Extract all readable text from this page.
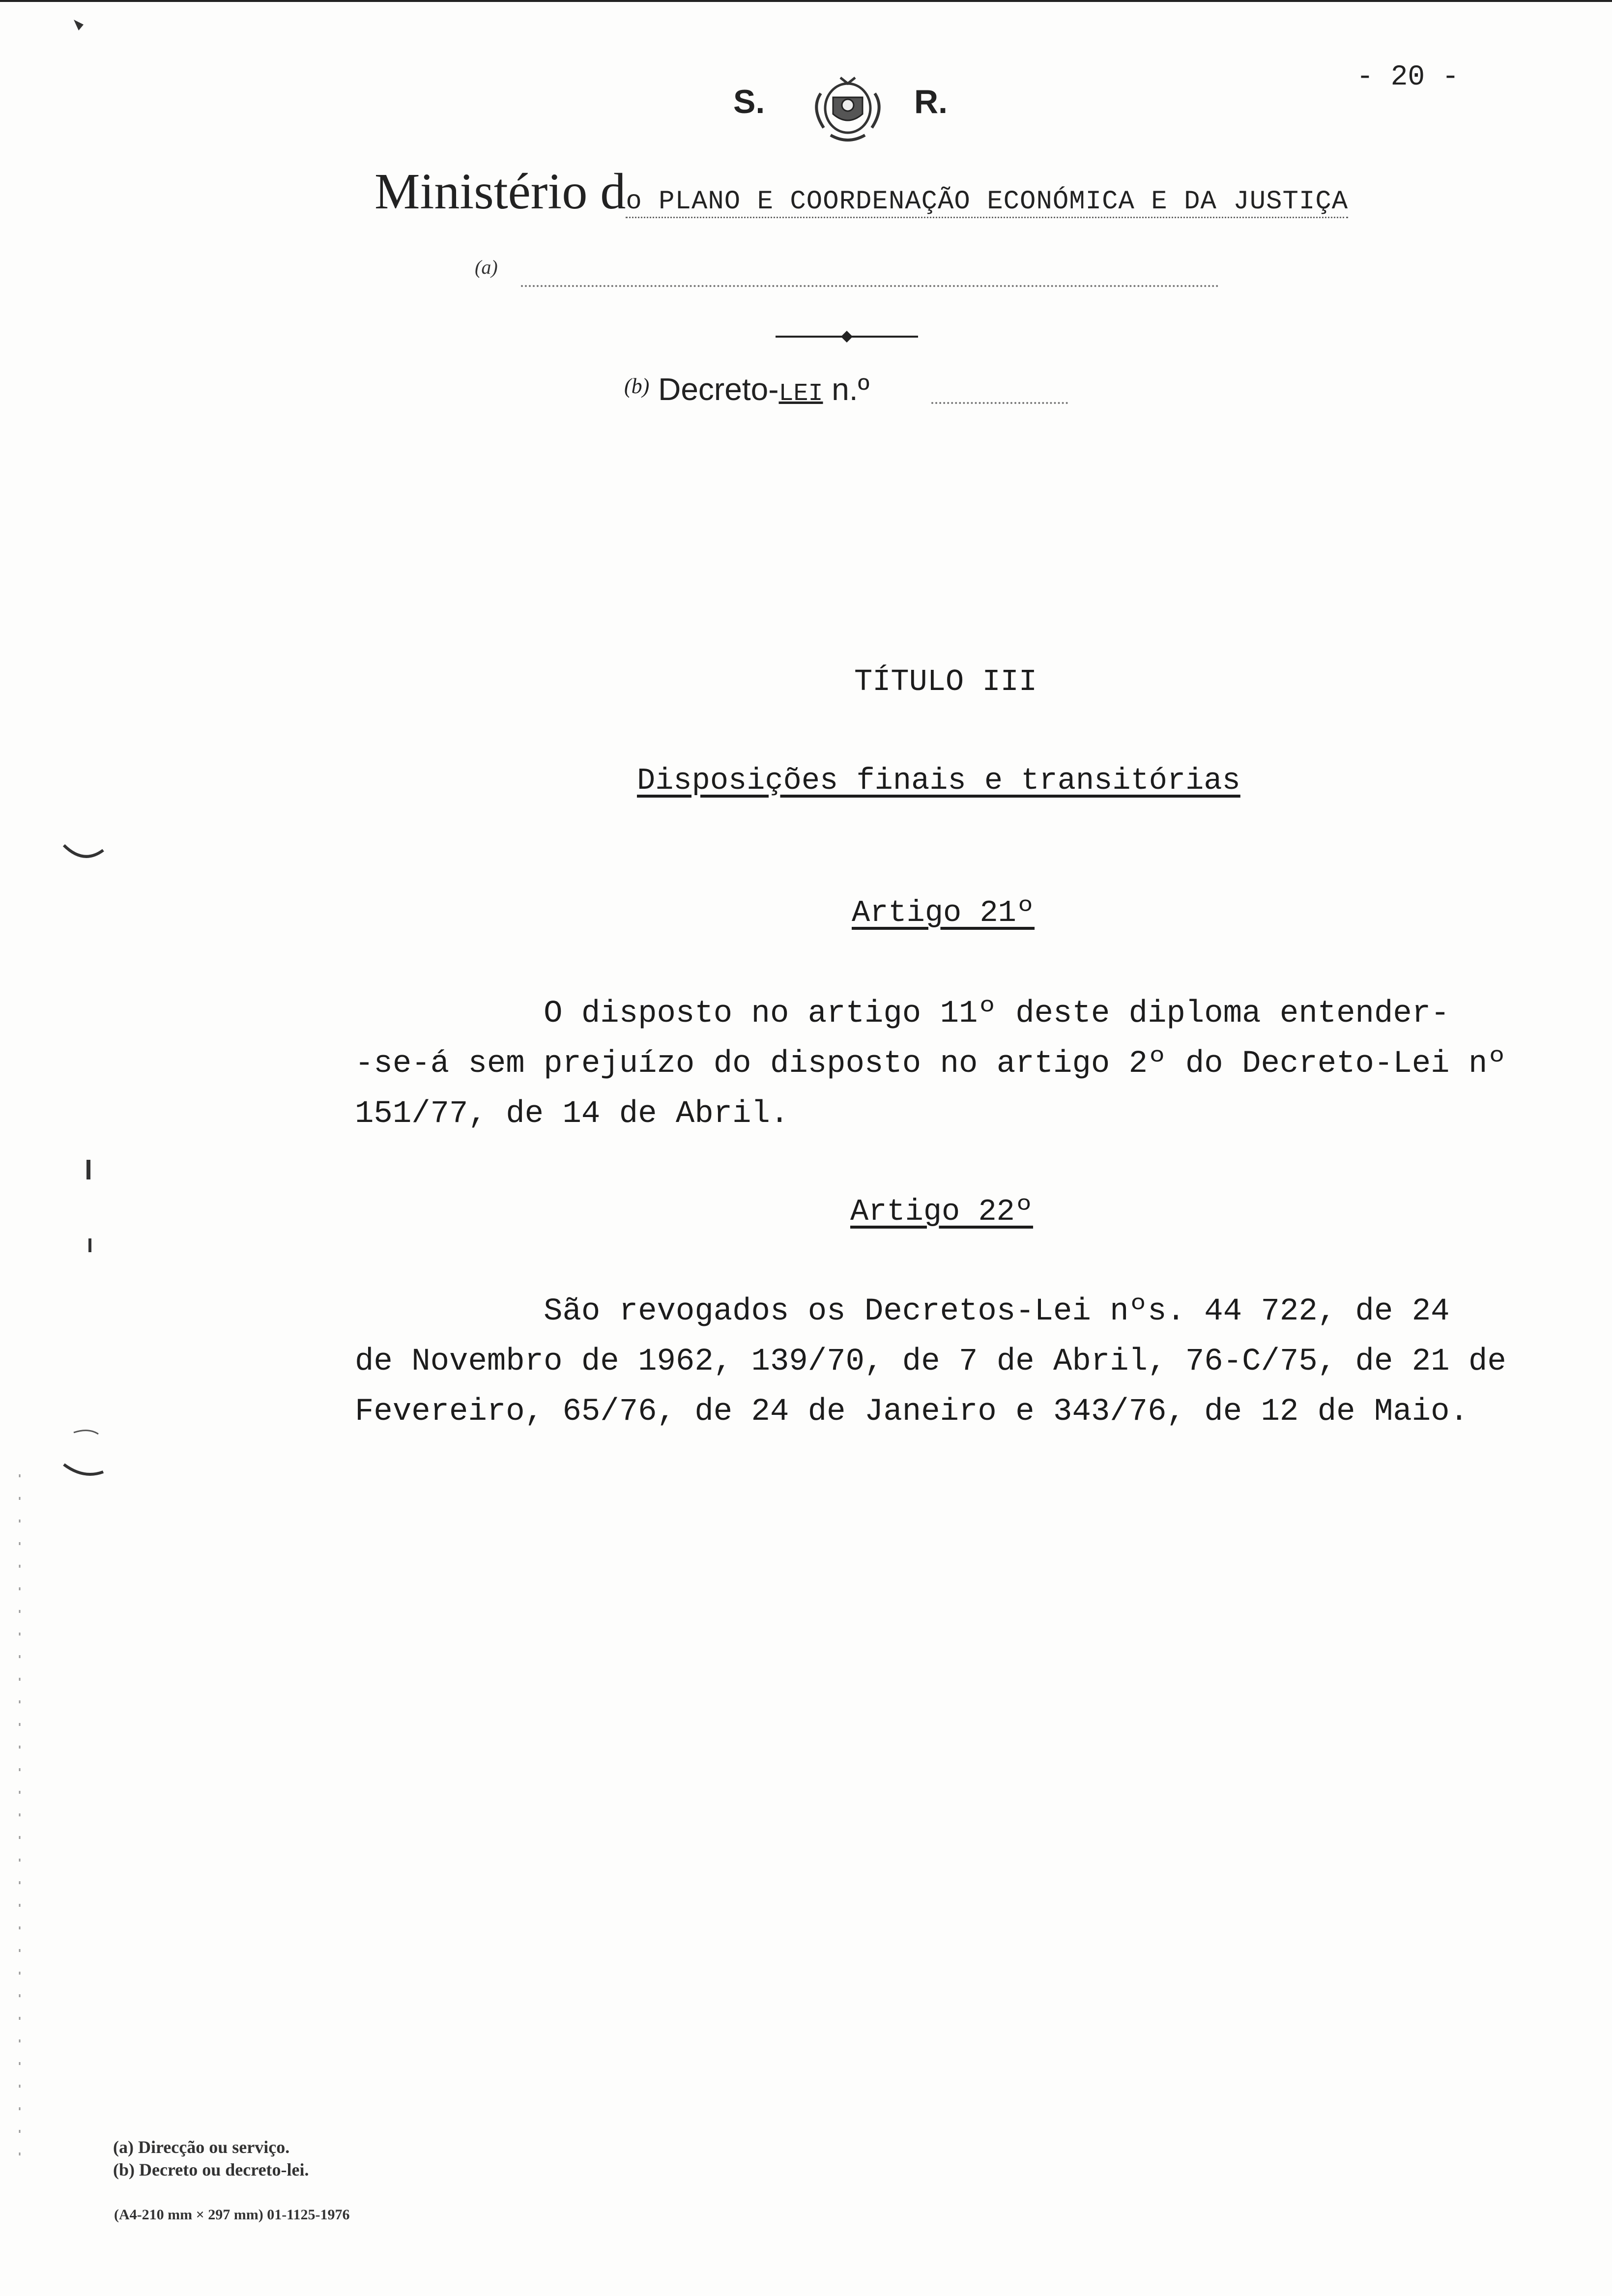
S.	R.
- 20 -
Ministério do PLANO E COORDENAÇÃO ECONÓMICA E DA JUSTIÇA
(a)
$^{(b)}$ Decreto-LEI n.º
TÍTULO III
Disposições finais e transitórias
Artigo 21º

O disposto no artigo 11º deste diploma entender-

-se-á sem prejuízo do disposto no artigo 2º do Decreto-Lei nº

151/77, de 14 de Abril.

Artigo 22º

São revogados os Decretos-Lei nºs. 44 722, de 24

de Novembro de 1962, 139/70, de 7 de Abril, 76-C/75, de 21 de

Fevereiro, 65/76, de 24 de Janeiro e 343/76, de 12 de Maio.

(a) Direcção ou serviço.
(b) Decreto ou decreto-lei.
(A4-210 mm × 297 mm) 01-1125-1976
